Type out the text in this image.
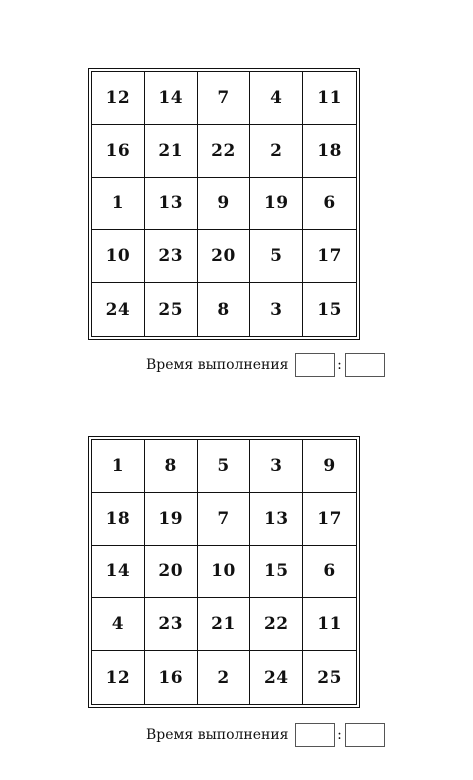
12	14	7	4	11
16	21	22	2	18
1	13	9	19	6
10	23	20	5	17
24	25	8	3	15
Время выполнения	:
1	8	5	3	9
18	19	7	13	17
14	20	10	15	6
4	23	21	22	11
12	16	2	24	25
Время выполнения	:
